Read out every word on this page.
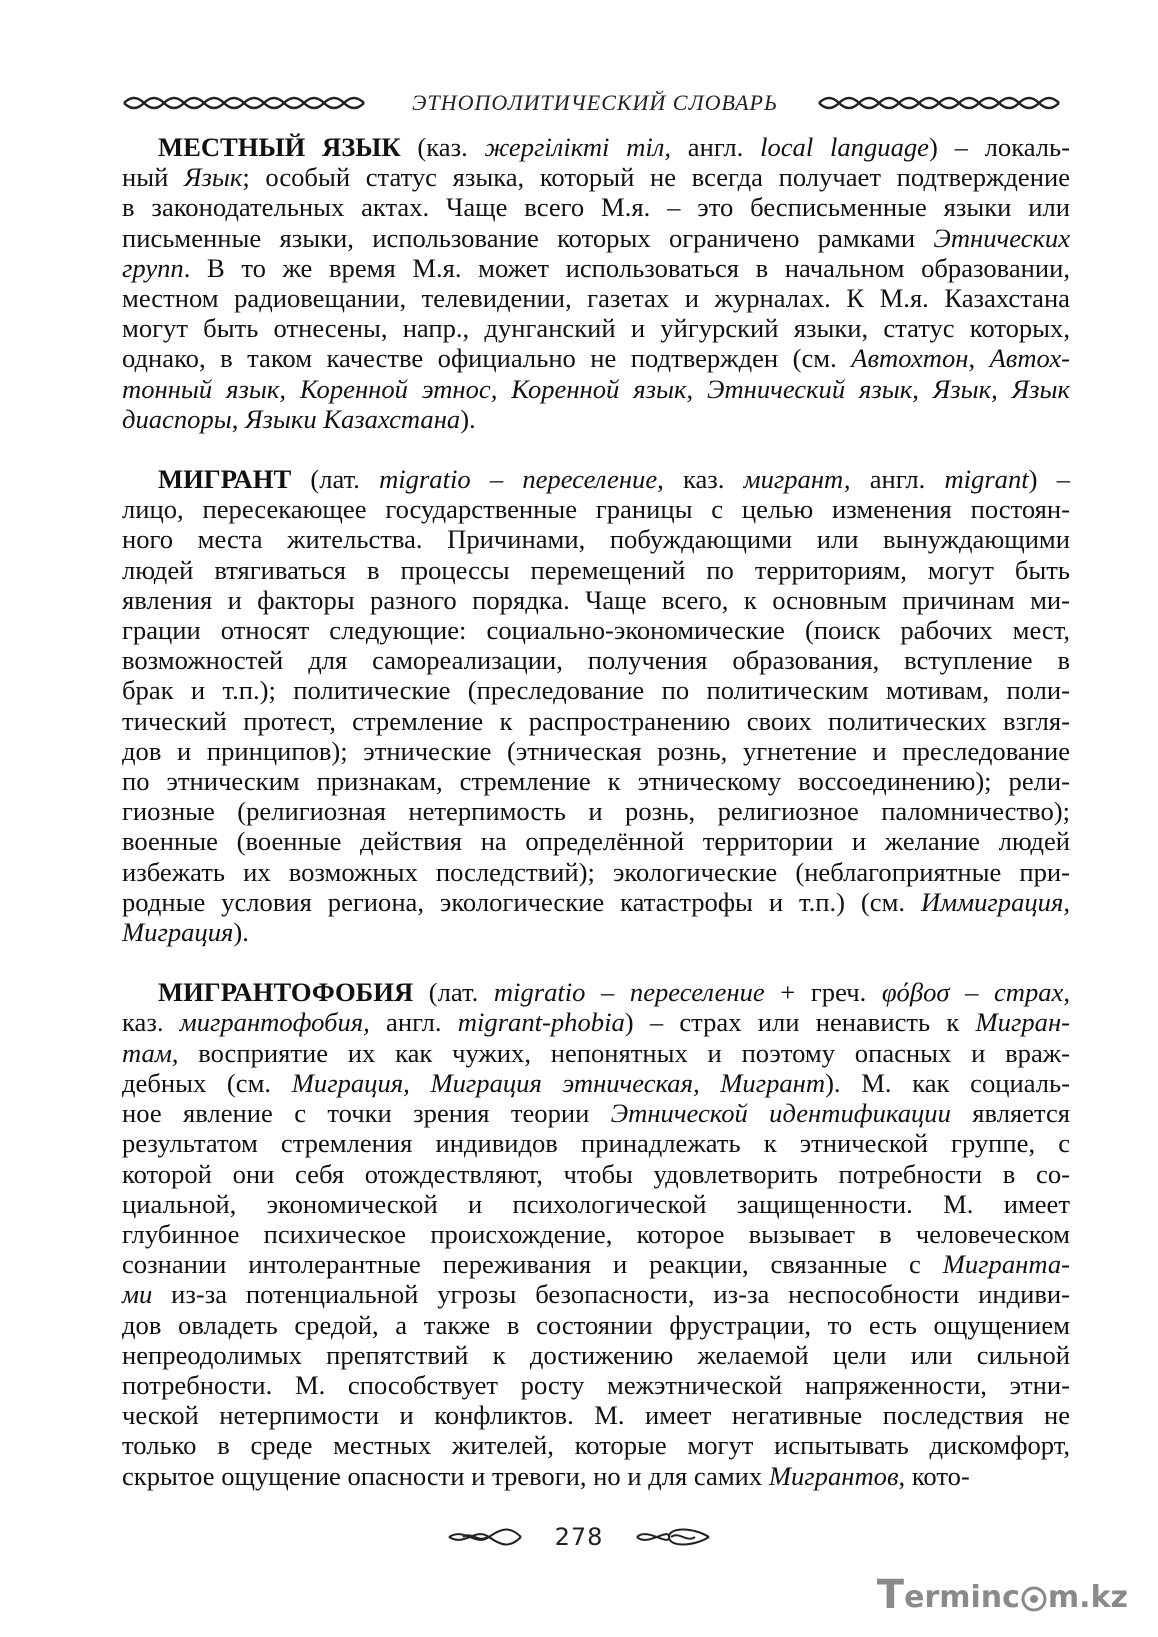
ЭТНОПОЛИТИЧЕСКИЙ СЛОВАРЬ
МЕСТНЫЙ ЯЗЫК (каз. жергілікті тіл, англ. local language) – локаль-
ный Язык; особый статус языка, который не всегда получает подтверждение
в законодательных актах. Чаще всего М.я. – это бесписьменные языки или
письменные языки, использование которых ограничено рамками Этнических
групп. В то же время М.я. может использоваться в начальном образовании,
местном радиовещании, телевидении, газетах и журналах. К М.я. Казахстана
могут быть отнесены, напр., дунганский и уйгурский языки, статус которых,
однако, в таком качестве официально не подтвержден (см. Автохтон, Автох-
тонный язык, Коренной этнос, Коренной язык, Этнический язык, Язык, Язык
диаспоры, Языки Казахстана).
МИГРАНТ (лат. migratio – переселение, каз. мигрант, англ. migrant) –
лицо, пересекающее государственные границы с целью изменения постоян-
ного места жительства. Причинами, побуждающими или вынуждающими
людей втягиваться в процессы перемещений по территориям, могут быть
явления и факторы разного порядка. Чаще всего, к основным причинам ми-
грации относят следующие: социально-экономические (поиск рабочих мест,
возможностей для самореализации, получения образования, вступление в
брак и т.п.); политические (преследование по политическим мотивам, поли-
тический протест, стремление к распространению своих политических взгля-
дов и принципов); этнические (этническая рознь, угнетение и преследование
по этническим признакам, стремление к этническому воссоединению); рели-
гиозные (религиозная нетерпимость и рознь, религиозное паломничество);
военные (военные действия на определённой территории и желание людей
избежать их возможных последствий); экологические (неблагоприятные при-
родные условия региона, экологические катастрофы и т.п.) (см. Иммиграция,
Миграция).
МИГРАНТОФОБИЯ (лат. migratio – переселение + греч. φόβοσ – страх,
каз. мигрантофобия, англ. migrant-phobia) – страх или ненависть к Мигран-
там, восприятие их как чужих, непонятных и поэтому опасных и враж-
дебных (см. Миграция, Миграция этническая, Мигрант). М. как социаль-
ное явление с точки зрения теории Этнической идентификации является
результатом стремления индивидов принадлежать к этнической группе, с
которой они себя отождествляют, чтобы удовлетворить потребности в со-
циальной, экономической и психологической защищенности. М. имеет
глубинное психическое происхождение, которое вызывает в человеческом
сознании интолерантные переживания и реакции, связанные с Мигранта-
ми из-за потенциальной угрозы безопасности, из-за неспособности индиви-
дов овладеть средой, а также в состоянии фрустрации, то есть ощущением
непреодолимых препятствий к достижению желаемой цели или сильной
потребности. М. способствует росту межэтнической напряженности, этни-
ческой нетерпимости и конфликтов. М. имеет негативные последствия не
только в среде местных жителей, которые могут испытывать дискомфорт,
скрытое ощущение опасности и тревоги, но и для самих Мигрантов, кото-
278
T erminc m.kz
